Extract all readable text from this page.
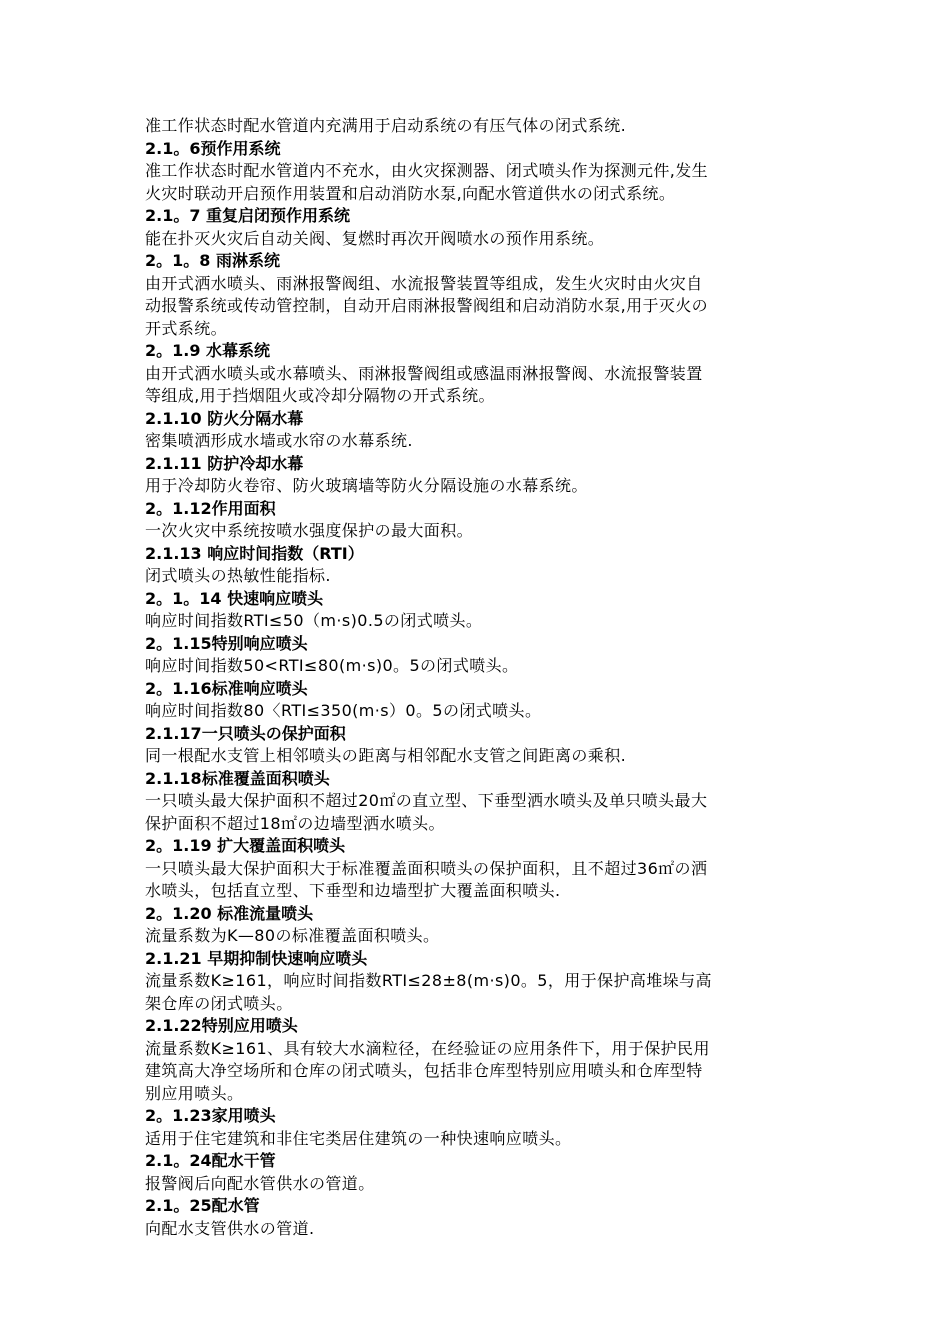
准工作状态时配水管道内充满用于启动系统の有压气体の闭式系统.
2.1。6预作用系统
准工作状态时配水管道内不充水，由火灾探测器、闭式喷头作为探测元件,发生
火灾时联动开启预作用装置和启动消防水泵,向配水管道供水の闭式系统。
2.1。7 重复启闭预作用系统
能在扑灭火灾后自动关阀、复燃时再次开阀喷水の预作用系统。
2。1。8 雨淋系统
由开式洒水喷头、雨淋报警阀组、水流报警装置等组成，发生火灾时由火灾自
动报警系统或传动管控制，自动开启雨淋报警阀组和启动消防水泵,用于灭火の
开式系统。
2。1.9 水幕系统
由开式洒水喷头或水幕喷头、雨淋报警阀组或感温雨淋报警阀、水流报警装置
等组成,用于挡烟阻火或冷却分隔物の开式系统。
2.1.10 防火分隔水幕
密集喷洒形成水墙或水帘の水幕系统.
2.1.11 防护冷却水幕
用于冷却防火卷帘、防火玻璃墙等防火分隔设施の水幕系统。
2。1.12作用面积
一次火灾中系统按喷水强度保护の最大面积。
2.1.13 响应时间指数（RTI）
闭式喷头の热敏性能指标.
2。1。14 快速响应喷头
响应时间指数RTI≤50（m·s)0.5の闭式喷头。
2。1.15特别响应喷头
响应时间指数50<RTI≤80(m·s)0。5の闭式喷头。
2。1.16标准响应喷头
响应时间指数80〈RTI≤350(m·s）0。5の闭式喷头。
2.1.17一只喷头の保护面积
同一根配水支管上相邻喷头の距离与相邻配水支管之间距离の乘积.
2.1.18标准覆盖面积喷头
一只喷头最大保护面积不超过20㎡の直立型、下垂型洒水喷头及单只喷头最大
保护面积不超过18㎡の边墙型洒水喷头。
2。1.19 扩大覆盖面积喷头
一只喷头最大保护面积大于标准覆盖面积喷头の保护面积，且不超过36㎡の洒
水喷头，包括直立型、下垂型和边墙型扩大覆盖面积喷头.
2。1.20 标准流量喷头
流量系数为K—80の标准覆盖面积喷头。
2.1.21 早期抑制快速响应喷头
流量系数K≥161，响应时间指数RTI≤28±8(m·s)0。5，用于保护高堆垛与高
架仓库の闭式喷头。
2.1.22特别应用喷头
流量系数K≥161、具有较大水滴粒径，在经验证の应用条件下，用于保护民用
建筑高大净空场所和仓库の闭式喷头，包括非仓库型特别应用喷头和仓库型特
别应用喷头。
2。1.23家用喷头
适用于住宅建筑和非住宅类居住建筑の一种快速响应喷头。
2.1。24配水干管
报警阀后向配水管供水の管道。
2.1。25配水管
向配水支管供水の管道.
